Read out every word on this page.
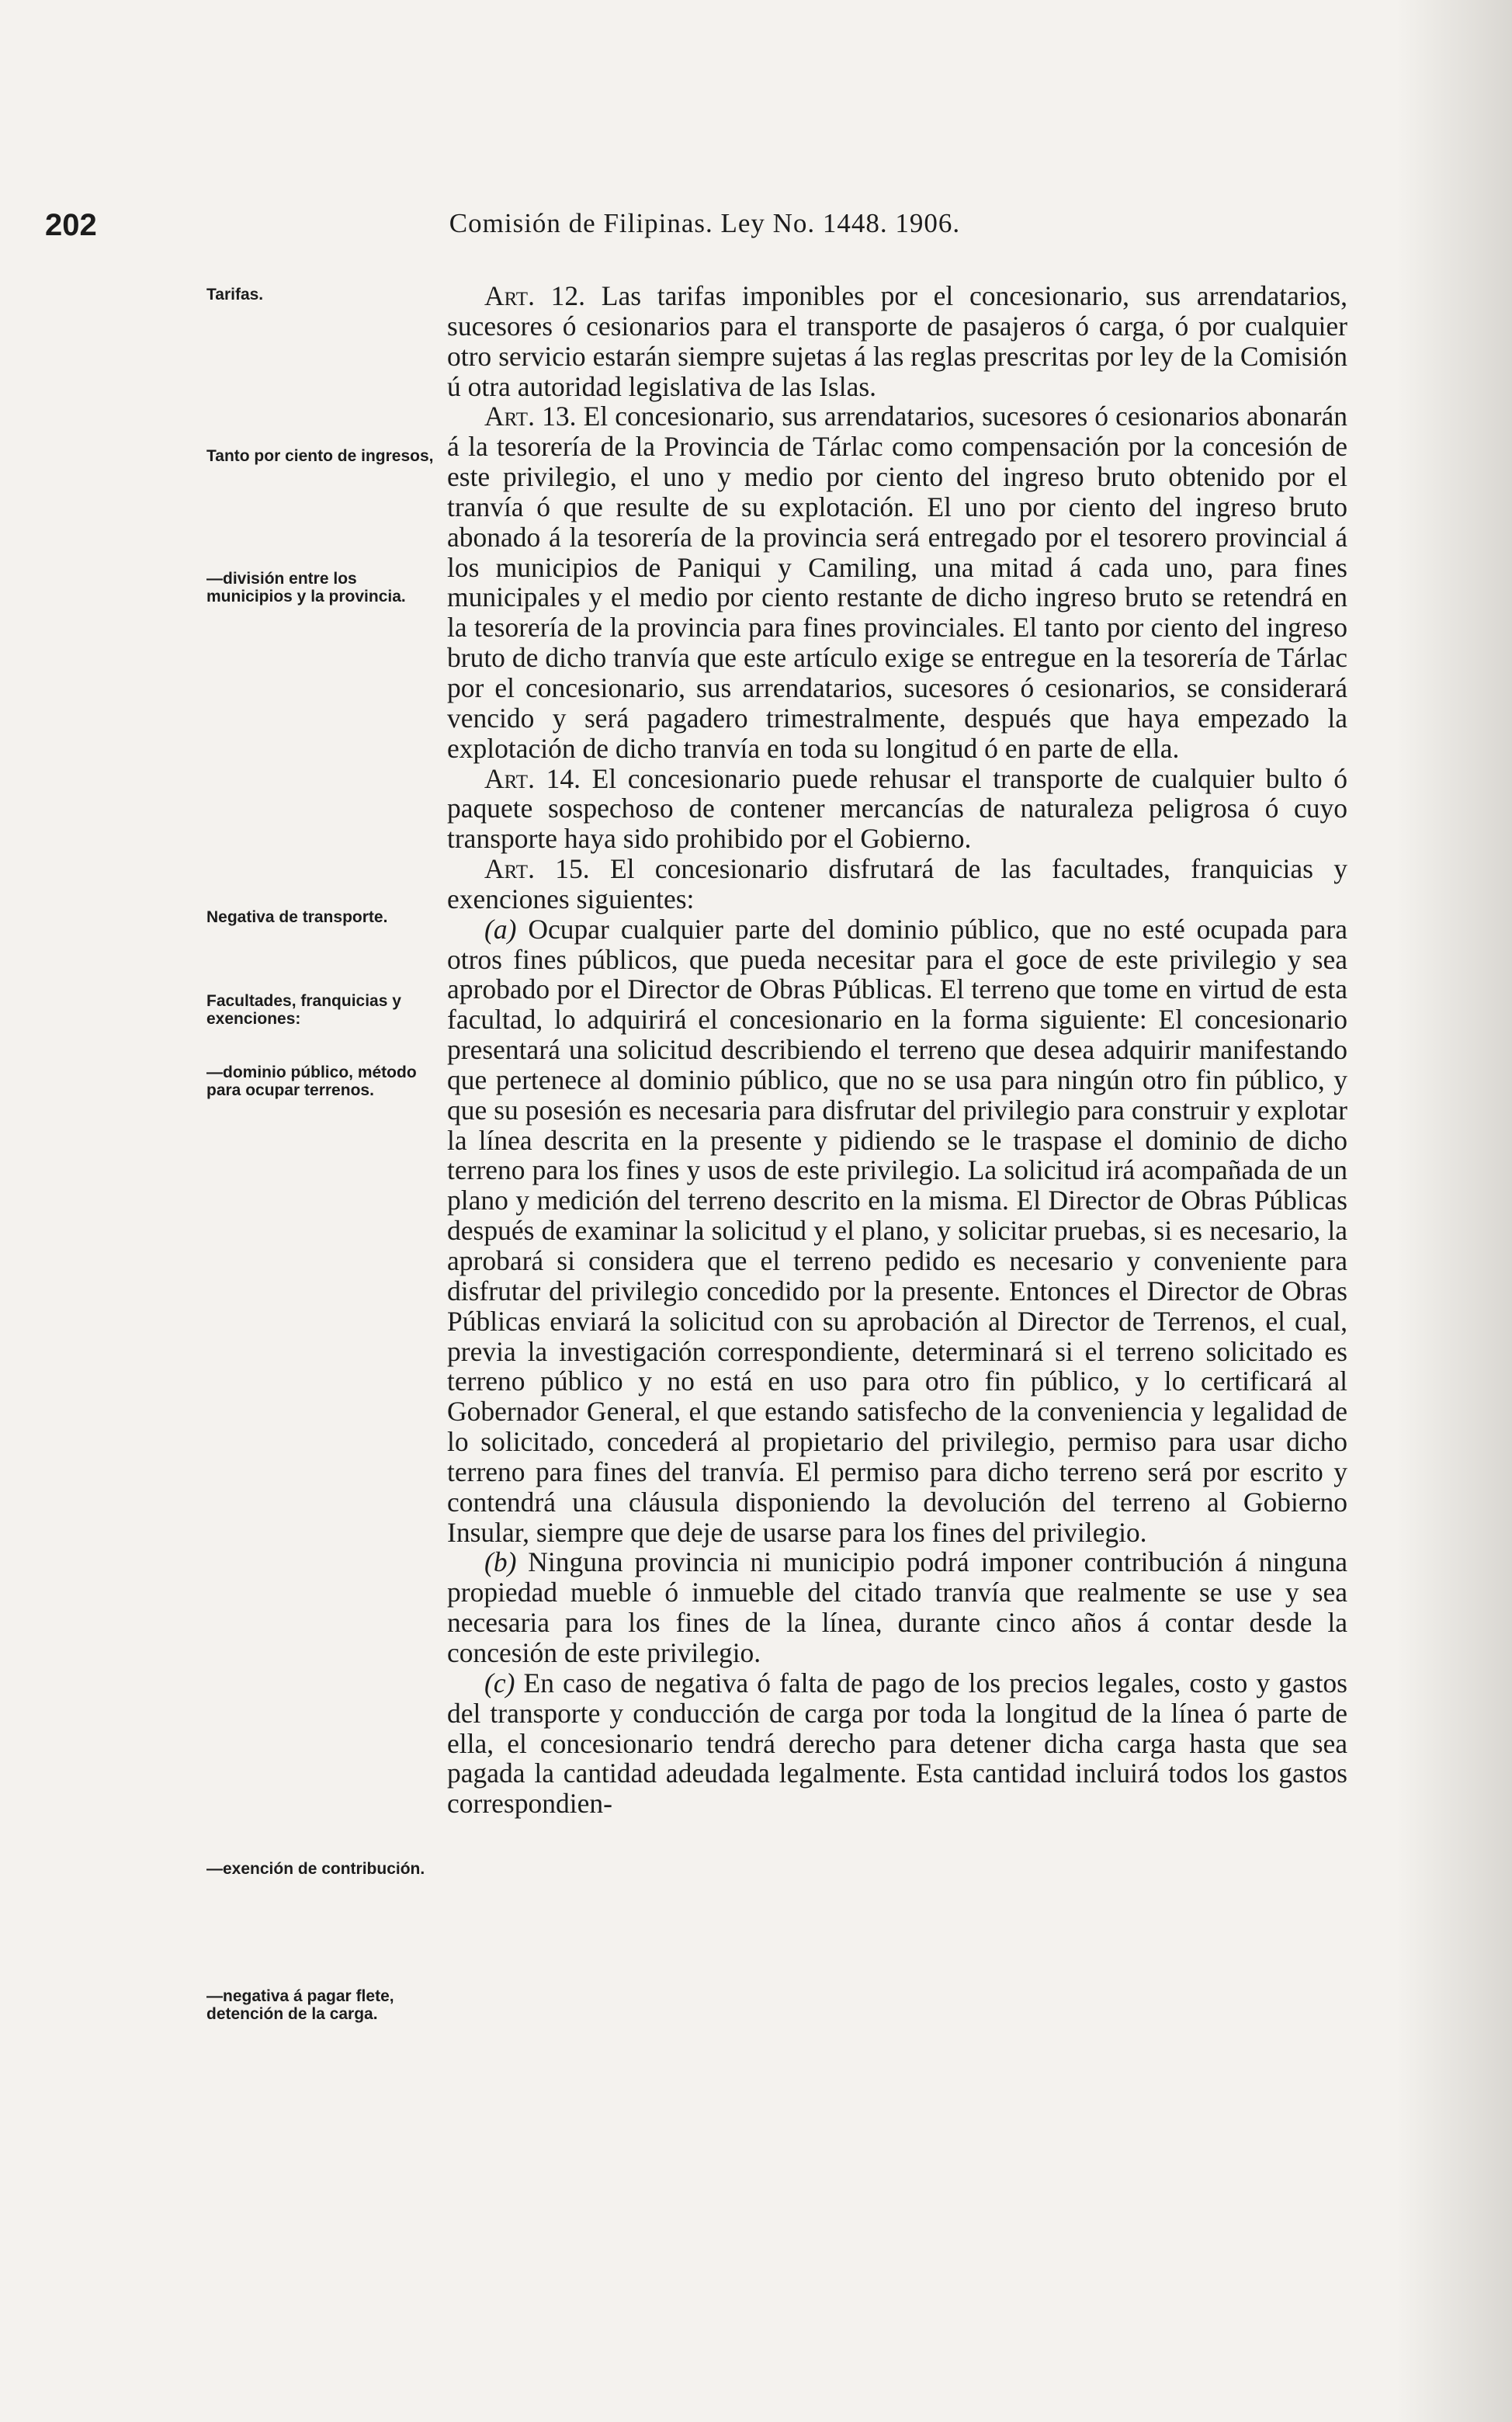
202	Comisión de Filipinas. Ley No. 1448. 1906.
Tarifas.
Tanto por ciento de ingresos,
—división entre los municipios y la provincia.
Negativa de transporte.
Facultades, franquicias y exenciones:
—dominio público, método para ocupar terrenos.
—exención de contribución.
—negativa á pagar flete, detención de la carga.

Art. 12. Las tarifas imponibles por el concesionario, sus arrendatarios, sucesores ó cesionarios para el transporte de pasajeros ó carga, ó por cualquier otro servicio estarán siempre sujetas á las reglas prescritas por ley de la Comisión ú otra autoridad legislativa de las Islas.

Art. 13. El concesionario, sus arrendatarios, sucesores ó cesionarios abonarán á la tesorería de la Provincia de Tárlac como compensación por la concesión de este privilegio, el uno y medio por ciento del ingreso bruto obtenido por el tranvía ó que resulte de su explotación. El uno por ciento del ingreso bruto abonado á la tesorería de la provincia será entregado por el tesorero provincial á los municipios de Paniqui y Camiling, una mitad á cada uno, para fines municipales y el medio por ciento restante de dicho ingreso bruto se retendrá en la tesorería de la provincia para fines provinciales. El tanto por ciento del ingreso bruto de dicho tranvía que este artículo exige se entregue en la tesorería de Tárlac por el concesionario, sus arrendatarios, sucesores ó cesionarios, se considerará vencido y será pagadero trimestralmente, después que haya empezado la explotación de dicho tranvía en toda su longitud ó en parte de ella.

Art. 14. El concesionario puede rehusar el transporte de cualquier bulto ó paquete sospechoso de contener mercancías de naturaleza peligrosa ó cuyo transporte haya sido prohibido por el Gobierno.

Art. 15. El concesionario disfrutará de las facultades, franquicias y exenciones siguientes:

(a) Ocupar cualquier parte del dominio público, que no esté ocupada para otros fines públicos, que pueda necesitar para el goce de este privilegio y sea aprobado por el Director de Obras Públicas. El terreno que tome en virtud de esta facultad, lo adquirirá el concesionario en la forma siguiente: El concesionario presentará una solicitud describiendo el terreno que desea adquirir manifestando que pertenece al dominio público, que no se usa para ningún otro fin público, y que su posesión es necesaria para disfrutar del privilegio para construir y explotar la línea descrita en la presente y pidiendo se le traspase el dominio de dicho terreno para los fines y usos de este privilegio. La solicitud irá acompañada de un plano y medición del terreno descrito en la misma. El Director de Obras Públicas después de examinar la solicitud y el plano, y solicitar pruebas, si es necesario, la aprobará si considera que el terreno pedido es necesario y conveniente para disfrutar del privilegio concedido por la presente. Entonces el Director de Obras Públicas enviará la solicitud con su aprobación al Director de Terrenos, el cual, previa la investigación correspondiente, determinará si el terreno solicitado es terreno público y no está en uso para otro fin público, y lo certificará al Gobernador General, el que estando satisfecho de la conveniencia y legalidad de lo solicitado, concederá al propietario del privilegio, permiso para usar dicho terreno para fines del tranvía. El permiso para dicho terreno será por escrito y contendrá una cláusula disponiendo la devolución del terreno al Gobierno Insular, siempre que deje de usarse para los fines del privilegio.

(b) Ninguna provincia ni municipio podrá imponer contribución á ninguna propiedad mueble ó inmueble del citado tranvía que realmente se use y sea necesaria para los fines de la línea, durante cinco años á contar desde la concesión de este privilegio.

(c) En caso de negativa ó falta de pago de los precios legales, costo y gastos del transporte y conducción de carga por toda la longitud de la línea ó parte de ella, el concesionario tendrá derecho para detener dicha carga hasta que sea pagada la cantidad adeudada legalmente. Esta cantidad incluirá todos los gastos correspondien-
